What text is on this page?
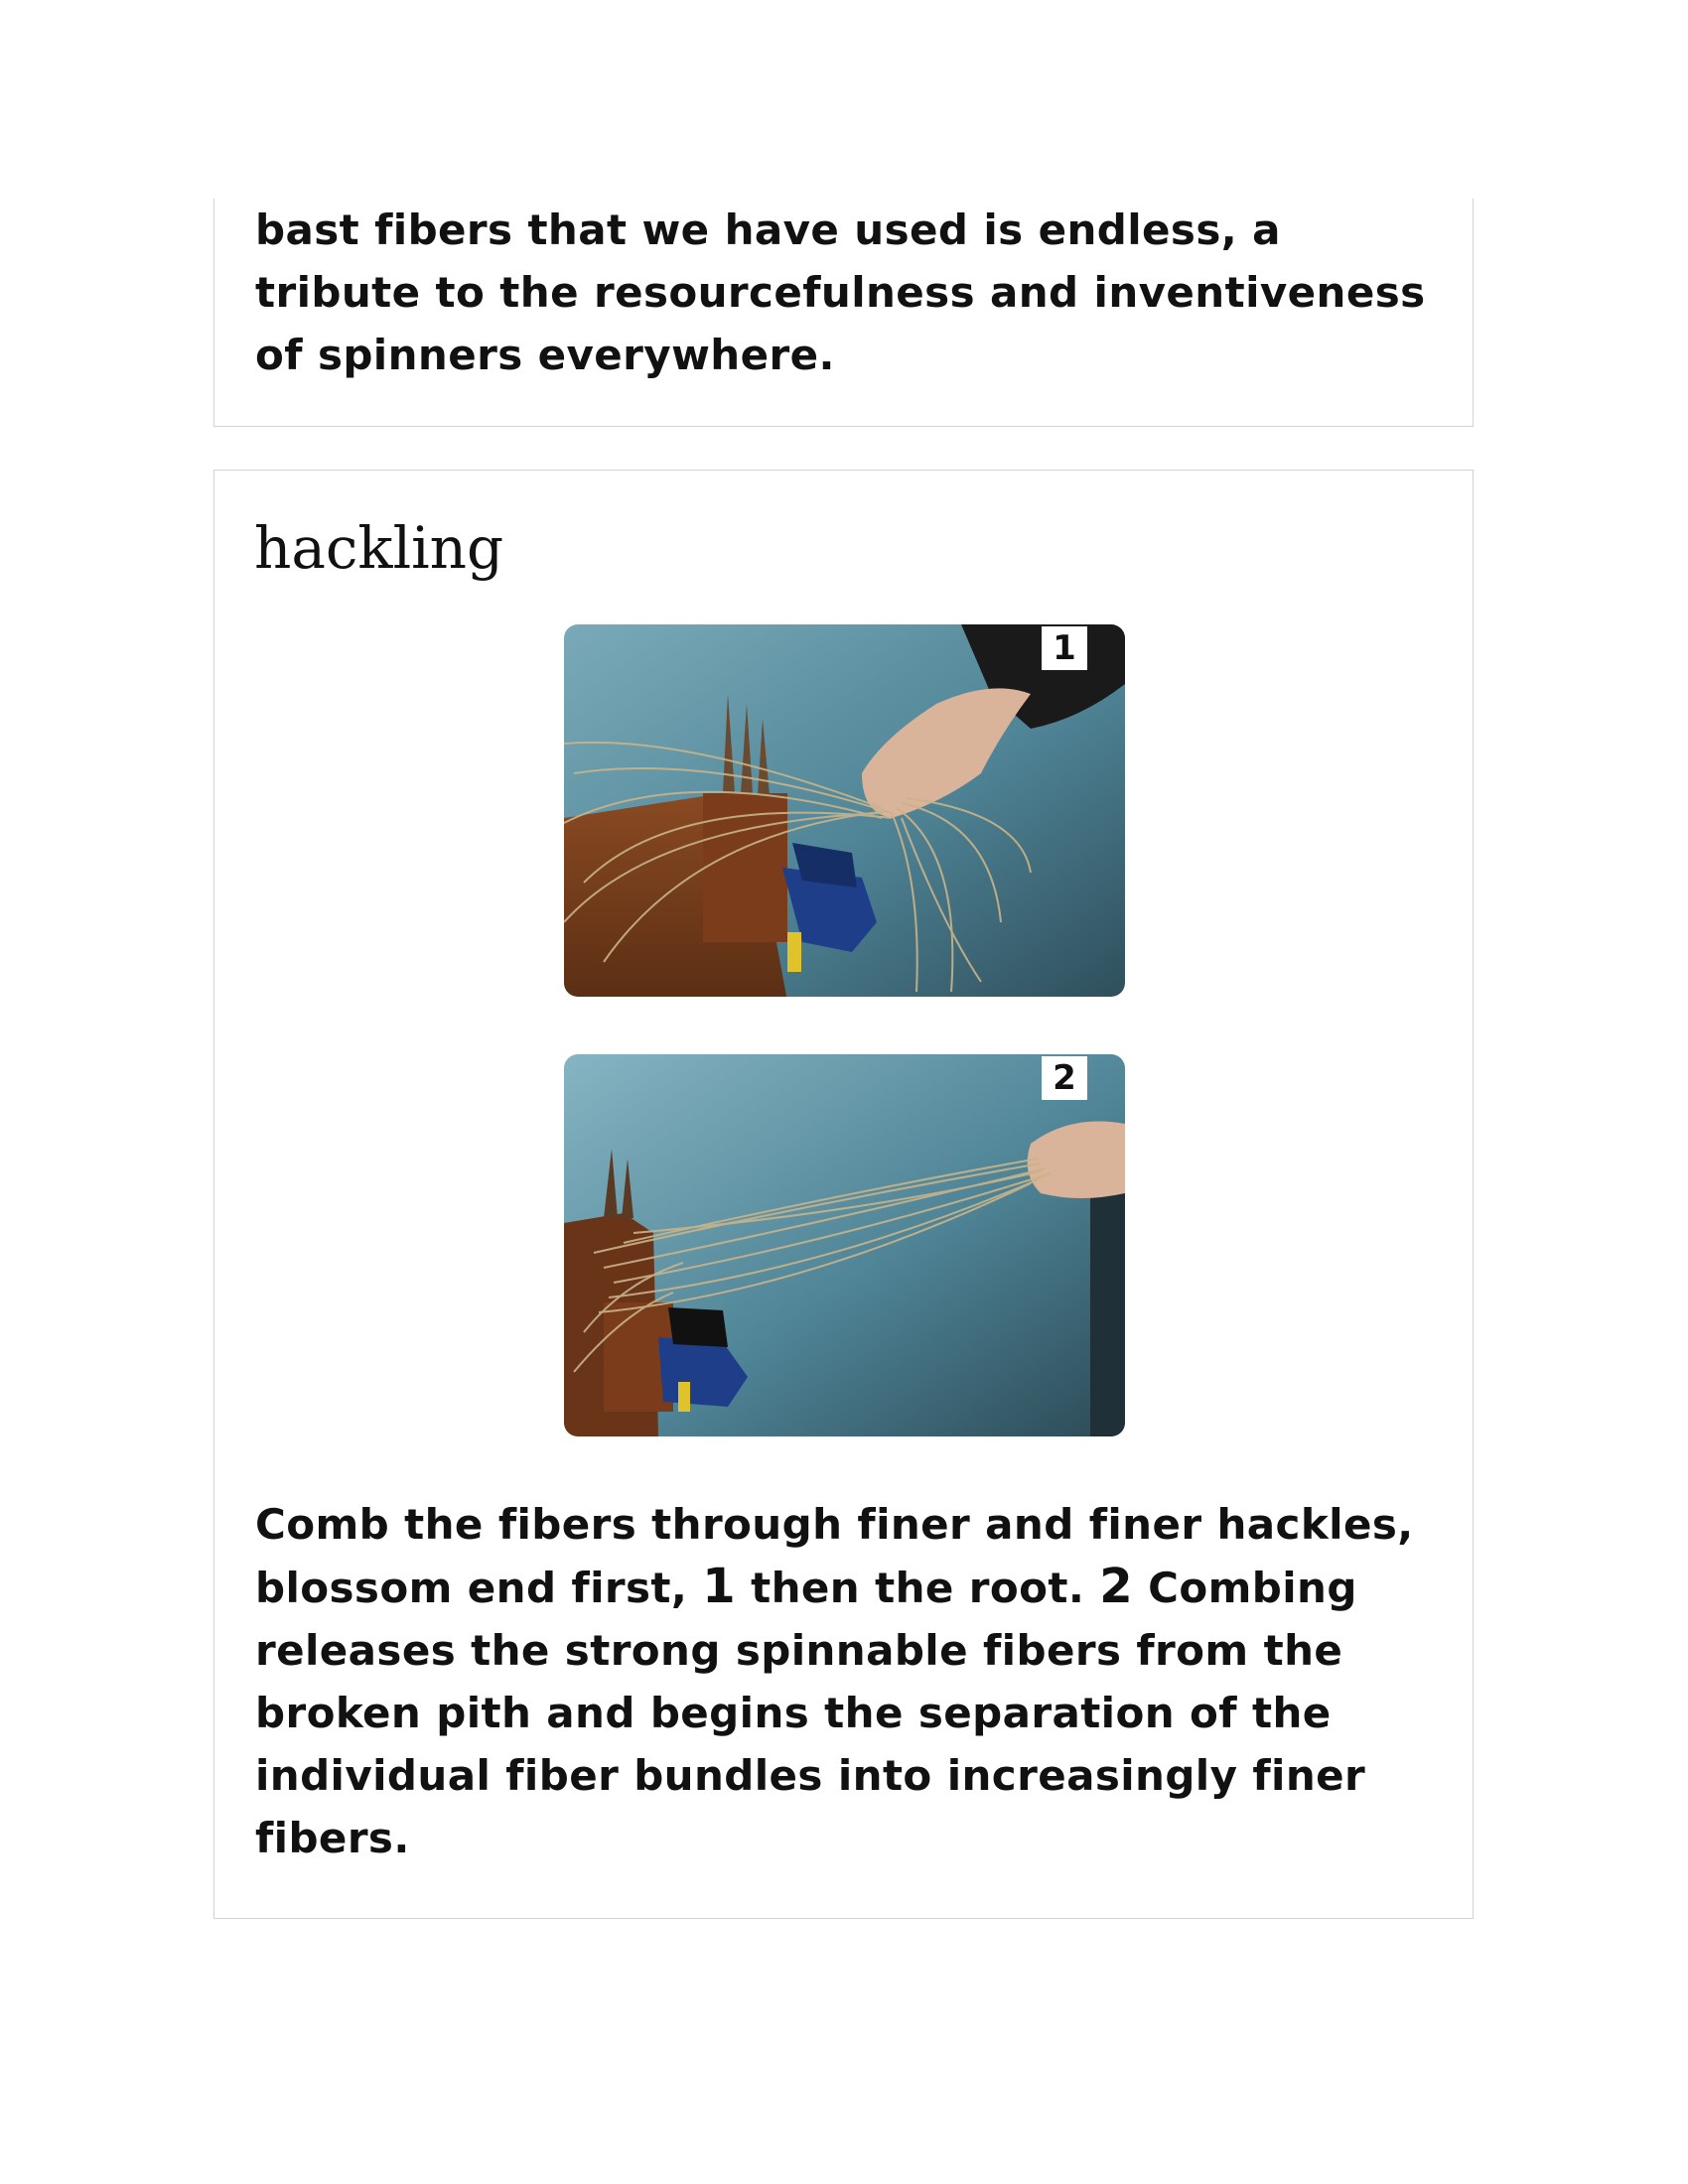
bast fibers that we have used is endless, a tribute to the resourcefulness and inventiveness of spinners everywhere.

hackling
1
2

Comb the fibers through finer and finer hackles, blossom end first, 1 then the root. 2 Combing releases the strong spinnable fibers from the broken pith and begins the separation of the individual fiber bundles into increasingly finer fibers.
